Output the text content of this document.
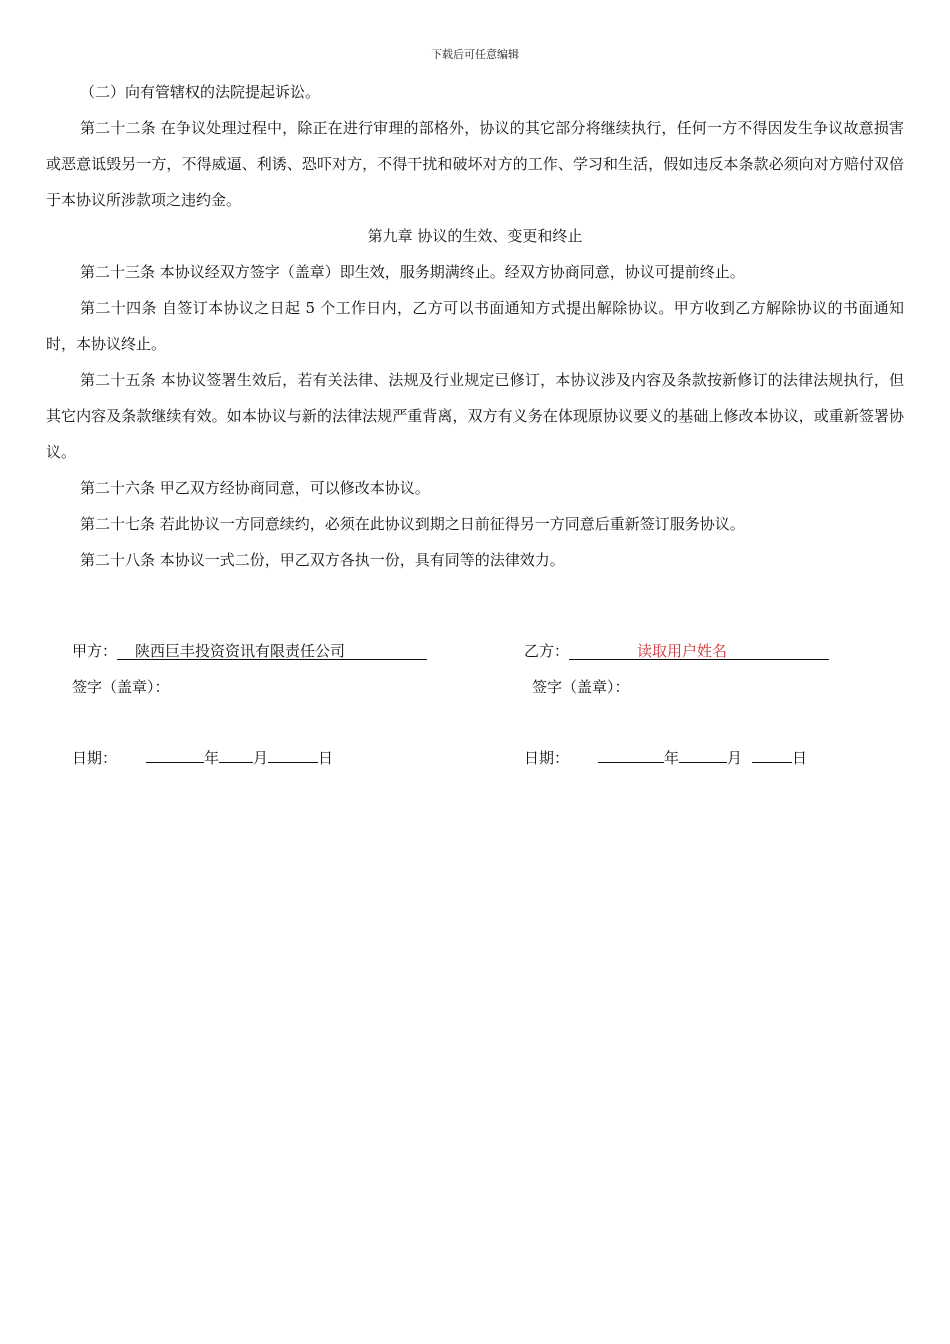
下载后可任意编辑

（二）向有管辖权的法院提起诉讼。

第二十二条 在争议处理过程中，除正在进行审理的部格外，协议的其它部分将继续执行，任何一方不得因发生争议故意损害或恶意诋毁另一方，不得威逼、利诱、恐吓对方，不得干扰和破坏对方的工作、学习和生活，假如违反本条款必须向对方赔付双倍于本协议所涉款项之违约金。

第九章 协议的生效、变更和终止

第二十三条 本协议经双方签字（盖章）即生效，服务期满终止。经双方协商同意，协议可提前终止。

第二十四条 自签订本协议之日起 5 个工作日内，乙方可以书面通知方式提出解除协议。甲方收到乙方解除协议的书面通知时，本协议终止。

第二十五条 本协议签署生效后，若有关法律、法规及行业规定已修订，本协议涉及内容及条款按新修订的法律法规执行，但其它内容及条款继续有效。如本协议与新的法律法规严重背离，双方有义务在体现原协议要义的基础上修改本协议，或重新签署协议。

第二十六条 甲乙双方经协商同意，可以修改本协议。

第二十七条 若此协议一方同意续约，必须在此协议到期之日前征得另一方同意后重新签订服务协议。

第二十八条 本协议一式二份，甲乙双方各执一份，具有同等的法律效力。

甲方： 陕西巨丰投资资讯有限责任公司	乙方：	读取用户姓名
签字（盖章）：	签字（盖章）：
日期：	年 月	日	日期：	年	月	日
